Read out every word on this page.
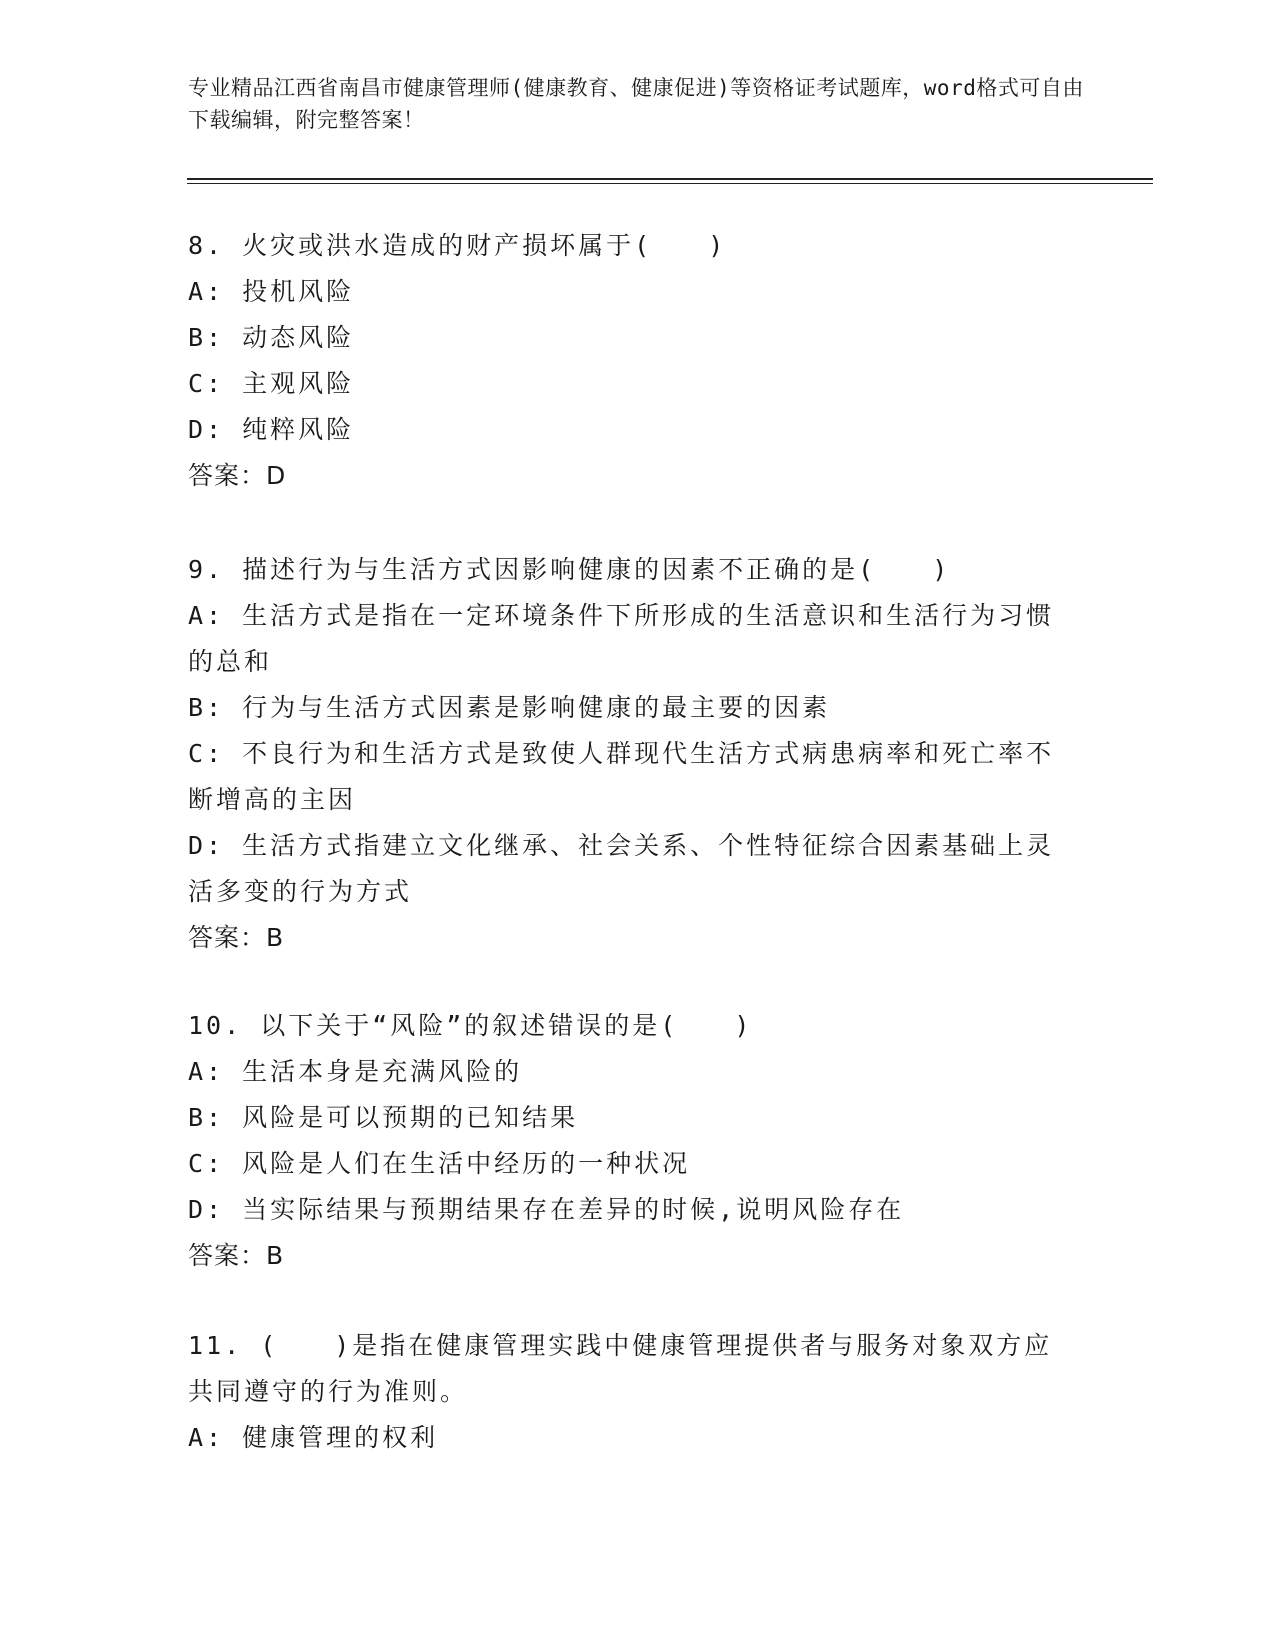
专业精品江西省南昌市健康管理师(健康教育、健康促进)等资格证考试题库，word格式可自由下载编辑，附完整答案！
8. 火灾或洪水造成的财产损坏属于(　　)
A: 投机风险
B: 动态风险
C: 主观风险
D: 纯粹风险
答案：D
9. 描述行为与生活方式因影响健康的因素不正确的是(　　)
A: 生活方式是指在一定环境条件下所形成的生活意识和生活行为习惯的总和
B: 行为与生活方式因素是影响健康的最主要的因素
C: 不良行为和生活方式是致使人群现代生活方式病患病率和死亡率不断增高的主因
D: 生活方式指建立文化继承、社会关系、个性特征综合因素基础上灵活多变的行为方式
答案：B
10. 以下关于“风险”的叙述错误的是(　　)
A: 生活本身是充满风险的
B: 风险是可以预期的已知结果
C: 风险是人们在生活中经历的一种状况
D: 当实际结果与预期结果存在差异的时候,说明风险存在
答案：B
11. (　　)是指在健康管理实践中健康管理提供者与服务对象双方应共同遵守的行为准则。
A: 健康管理的权利
